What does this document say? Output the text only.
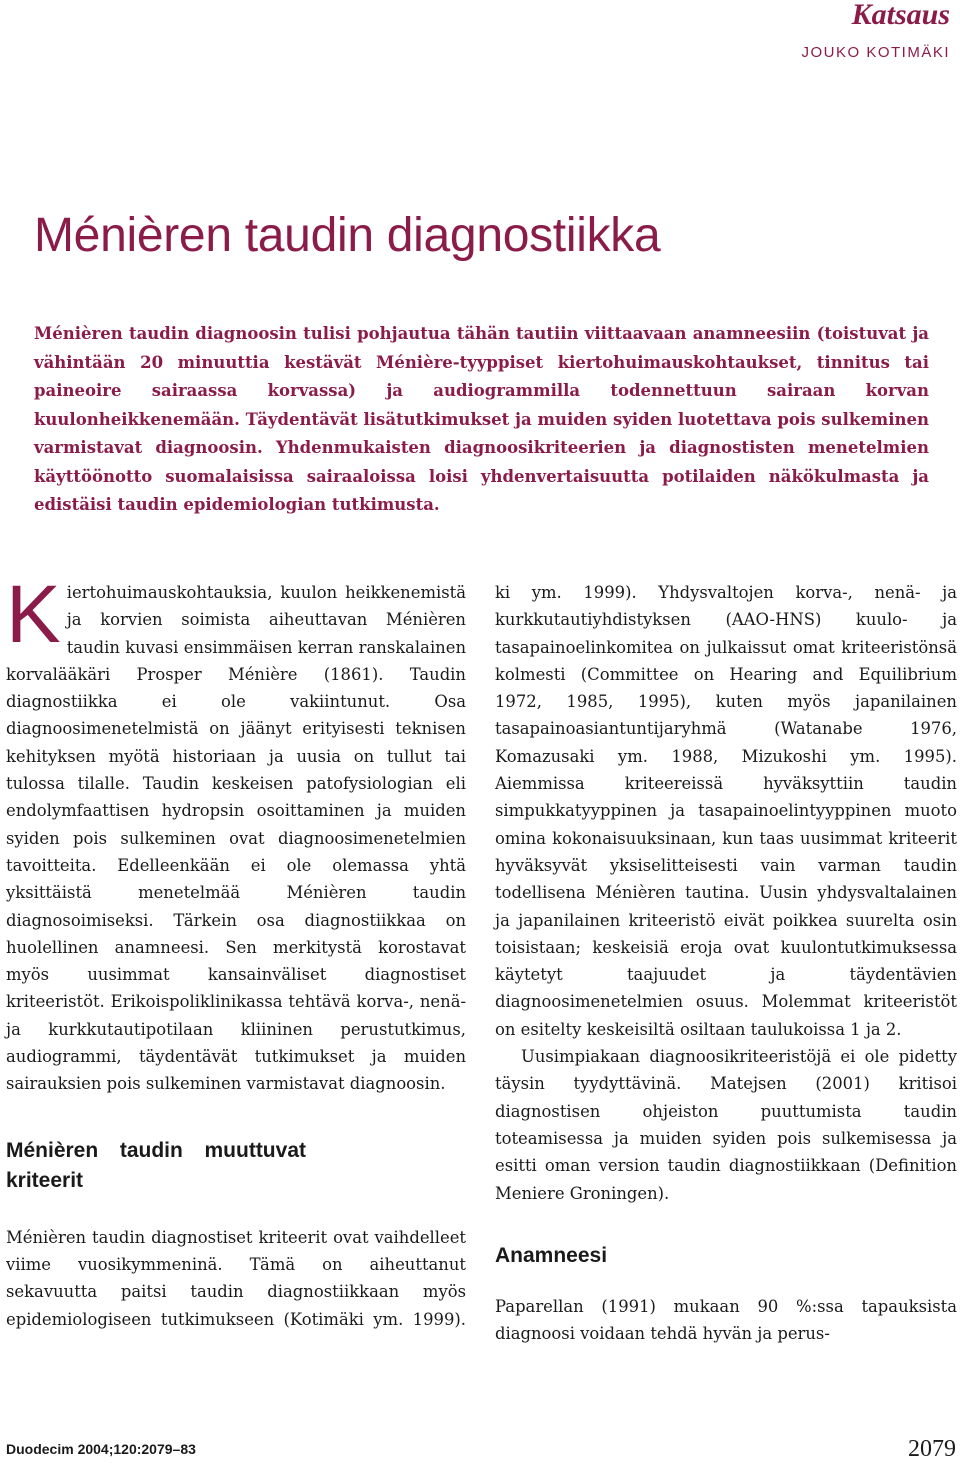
Katsaus
JOUKO KOTIMÄKI
Ménièren taudin diagnostiikka

Ménièren taudin diagnoosin tulisi pohjautua tähän tautiin viittaavaan anamneesiin (toistuvat ja vähintään 20 minuuttia kestävät Ménière-tyyppiset kiertohuimauskohtaukset, tinnitus tai paineoire sairaassa korvassa) ja audiogrammilla todennettuun sairaan korvan kuulonheikkenemään. Täydentävät lisätutkimukset ja muiden syiden luotettava pois sulkeminen varmistavat diagnoosin. Yhdenmukaisten diagnoosikriteerien ja diagnostisten menetelmien käyttöönotto suomalaisissa sairaaloissa loisi yhdenvertaisuutta potilaiden näkökulmasta ja edistäisi taudin epidemiologian tutkimusta.

Kiertohuimauskohtauksia, kuulon heikkenemistä ja korvien soimista aiheuttavan Ménièren taudin kuvasi ensimmäisen kerran ranskalainen korvalääkäri Prosper Ménière (1861). Taudin diagnostiikka ei ole vakiintunut. Osa diagnoosimenetelmistä on jäänyt erityisesti teknisen kehityksen myötä historiaan ja uusia on tullut tai tulossa tilalle. Taudin keskeisen patofysiologian eli endolymfaattisen hydropsin osoittaminen ja muiden syiden pois sulkeminen ovat diagnoosimenetelmien tavoitteita. Edelleenkään ei ole olemassa yhtä yksittäistä menetelmää Ménièren taudin diagnosoimiseksi. Tärkein osa diagnostiikkaa on huolellinen anamneesi. Sen merkitystä korostavat myös uusimmat kansainväliset diagnostiset kriteeristöt. Erikoispoliklinikassa tehtävä korva-, nenä- ja kurkkutautipotilaan kliininen perustutkimus, audiogrammi, täydentävät tutkimukset ja muiden sairauksien pois sulkeminen varmistavat diagnoosin.

Ménièren taudin muuttuvat kriteerit

Ménièren taudin diagnostiset kriteerit ovat vaihdelleet viime vuosikymmeninä. Tämä on aiheuttanut sekavuutta paitsi taudin diagnostiikkaan myös epidemiologiseen tutkimukseen (Kotimäki ym. 1999).

ki ym. 1999). Yhdysvaltojen korva-, nenä- ja kurkkutautiyhdistyksen (AAO-HNS) kuulo- ja tasapainoelinkomitea on julkaissut omat kriteeristönsä kolmesti (Committee on Hearing and Equilibrium 1972, 1985, 1995), kuten myös japanilainen tasapainoasiantuntijaryhmä (Watanabe 1976, Komazusaki ym. 1988, Mizukoshi ym. 1995). Aiemmissa kriteereissä hyväksyttiin taudin simpukkatyyppinen ja tasapainoelintyyppinen muoto omina kokonaisuuksinaan, kun taas uusimmat kriteerit hyväksyvät yksiselitteisesti vain varman taudin todellisena Ménièren tautina. Uusin yhdysvaltalainen ja japanilainen kriteeristö eivät poikkea suurelta osin toisistaan; keskeisiä eroja ovat kuulontutkimuksessa käytetyt taajuudet ja täydentävien diagnoosimenetelmien osuus. Molemmat kriteeristöt on esitelty keskeisiltä osiltaan taulukoissa 1 ja 2.

Uusimpiakaan diagnoosikriteeristöjä ei ole pidetty täysin tyydyttävinä. Matejsen (2001) kritisoi diagnostisen ohjeiston puuttumista taudin toteamisessa ja muiden syiden pois sulkemisessa ja esitti oman version taudin diagnostiikkaan (Definition Meniere Groningen).

Anamneesi

Paparellan (1991) mukaan 90 %:ssa tapauksista diagnoosi voidaan tehdä hyvän ja perus-

Duodecim 2004;120:2079–83	2079
